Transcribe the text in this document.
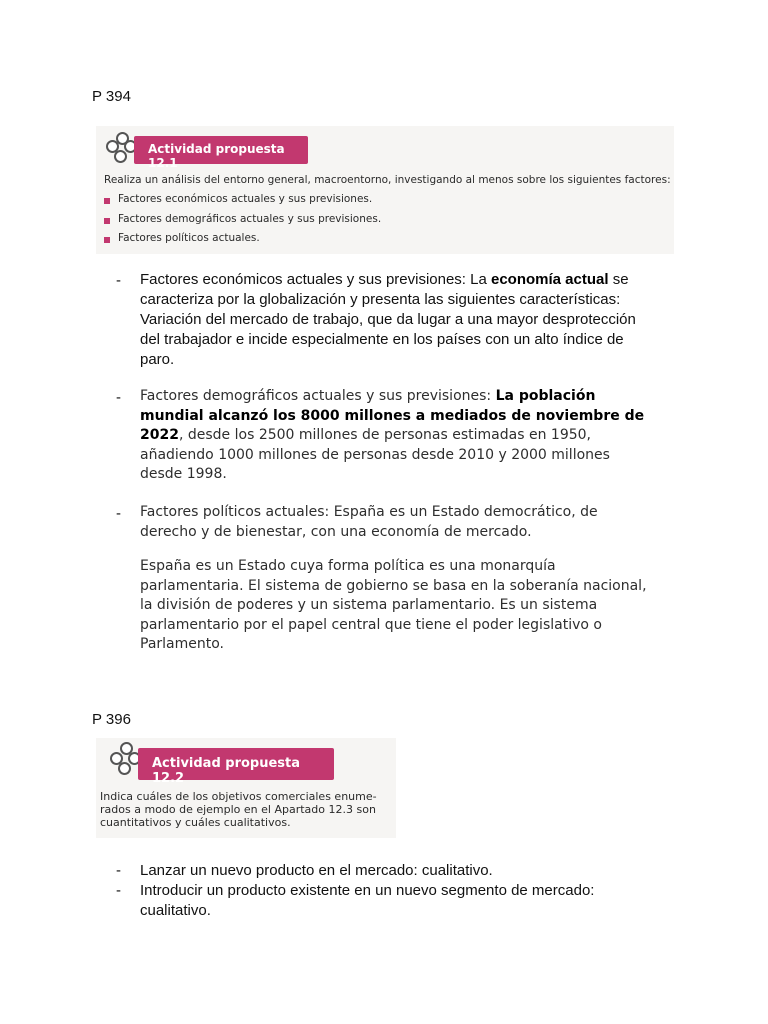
P 394
Actividad propuesta 12.1
Realiza un análisis del entorno general, macroentorno, investigando al menos sobre los siguientes factores:
Factores económicos actuales y sus previsiones.
Factores demográficos actuales y sus previsiones.
Factores políticos actuales.
- Factores económicos actuales y sus previsiones: La economía actual se
caracteriza por la globalización y presenta las siguientes características:
Variación del mercado de trabajo, que da lugar a una mayor desprotección
del trabajador e incide especialmente en los países con un alto índice de
paro.
- Factores demográficos actuales y sus previsiones: La población
mundial alcanzó los 8000 millones a mediados de noviembre de
2022, desde los 2500 millones de personas estimadas en 1950,
añadiendo 1000 millones de personas desde 2010 y 2000 millones
desde 1998.
- Factores políticos actuales: España es un Estado democrático, de
derecho y de bienestar, con una economía de mercado.
España es un Estado cuya forma política es una monarquía
parlamentaria. El sistema de gobierno se basa en la soberanía nacional,
la división de poderes y un sistema parlamentario. Es un sistema
parlamentario por el papel central que tiene el poder legislativo o
Parlamento.
P 396
Actividad propuesta 12.2
Indica cuáles de los objetivos comerciales enume-
rados a modo de ejemplo en el Apartado 12.3 son
cuantitativos y cuáles cualitativos.
- Lanzar un nuevo producto en el mercado: cualitativo.
- Introducir un producto existente en un nuevo segmento de mercado:
cualitativo.
